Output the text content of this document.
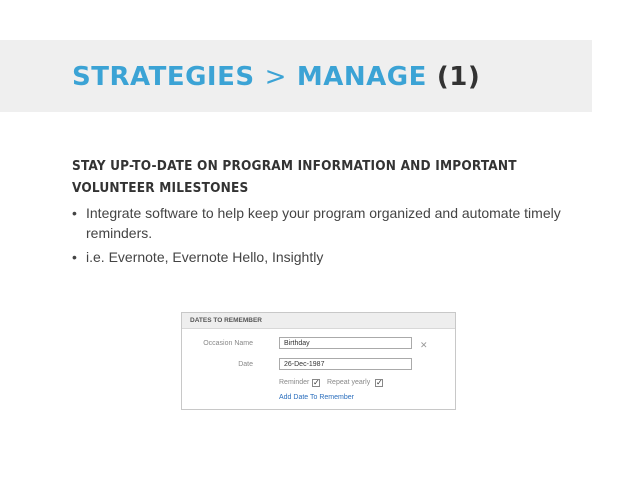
STRATEGIES > MANAGE (1)
STAY UP-TO-DATE ON PROGRAM INFORMATION AND IMPORTANT VOLUNTEER MILESTONES
• Integrate software to help keep your program organized and automate timely reminders.
• i.e. Evernote, Evernote Hello, Insightly
DATES TO REMEMBER
Occasion Name	Birthday	✕
Date	26-Dec-1987
Reminder ✓ Repeat yearly ✓
Add Date To Remember
